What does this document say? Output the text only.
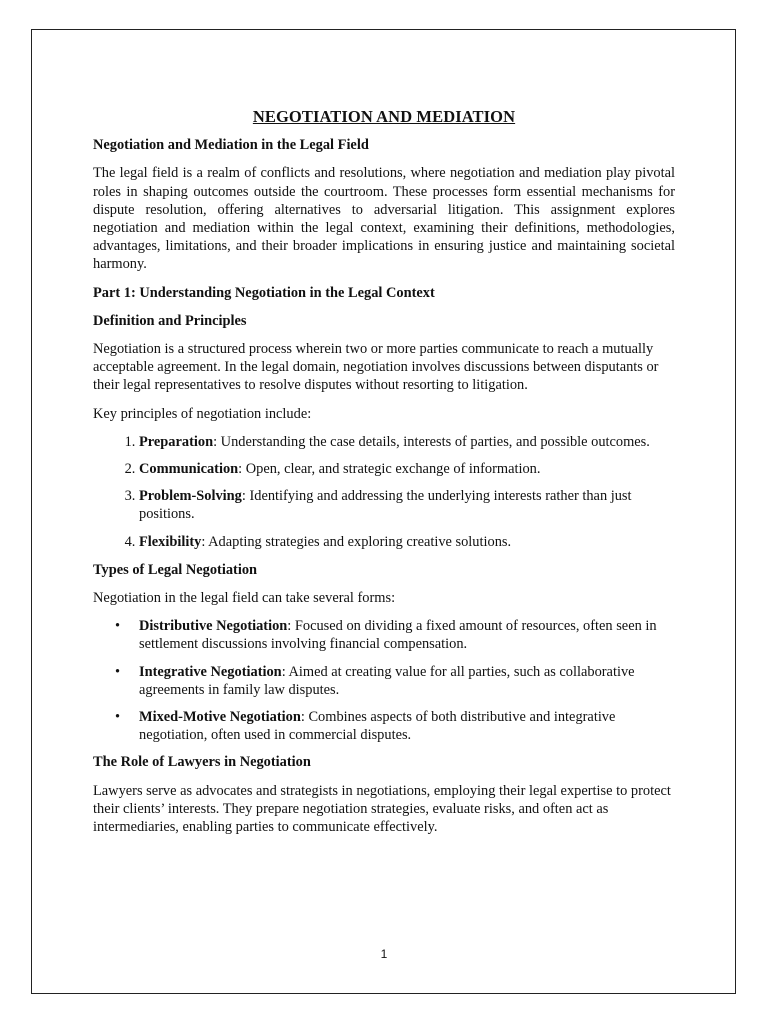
NEGOTIATION AND MEDIATION
Negotiation and Mediation in the Legal Field

The legal field is a realm of conflicts and resolutions, where negotiation and mediation play pivotal roles in shaping outcomes outside the courtroom. These processes form essential mechanisms for dispute resolution, offering alternatives to adversarial litigation. This assignment explores negotiation and mediation within the legal context, examining their definitions, methodologies, advantages, limitations, and their broader implications in ensuring justice and maintaining societal harmony.

Part 1: Understanding Negotiation in the Legal Context
Definition and Principles

Negotiation is a structured process wherein two or more parties communicate to reach a mutually acceptable agreement. In the legal domain, negotiation involves discussions between disputants or their legal representatives to resolve disputes without resorting to litigation.

Key principles of negotiation include:

1. Preparation: Understanding the case details, interests of parties, and possible outcomes.
2. Communication: Open, clear, and strategic exchange of information.
3. Problem-Solving: Identifying and addressing the underlying interests rather than just positions.
4. Flexibility: Adapting strategies and exploring creative solutions.
Types of Legal Negotiation

Negotiation in the legal field can take several forms:

• Distributive Negotiation: Focused on dividing a fixed amount of resources, often seen in settlement discussions involving financial compensation.
• Integrative Negotiation: Aimed at creating value for all parties, such as collaborative agreements in family law disputes.
• Mixed-Motive Negotiation: Combines aspects of both distributive and integrative negotiation, often used in commercial disputes.
The Role of Lawyers in Negotiation

Lawyers serve as advocates and strategists in negotiations, employing their legal expertise to protect their clients’ interests. They prepare negotiation strategies, evaluate risks, and often act as intermediaries, enabling parties to communicate effectively.

1
